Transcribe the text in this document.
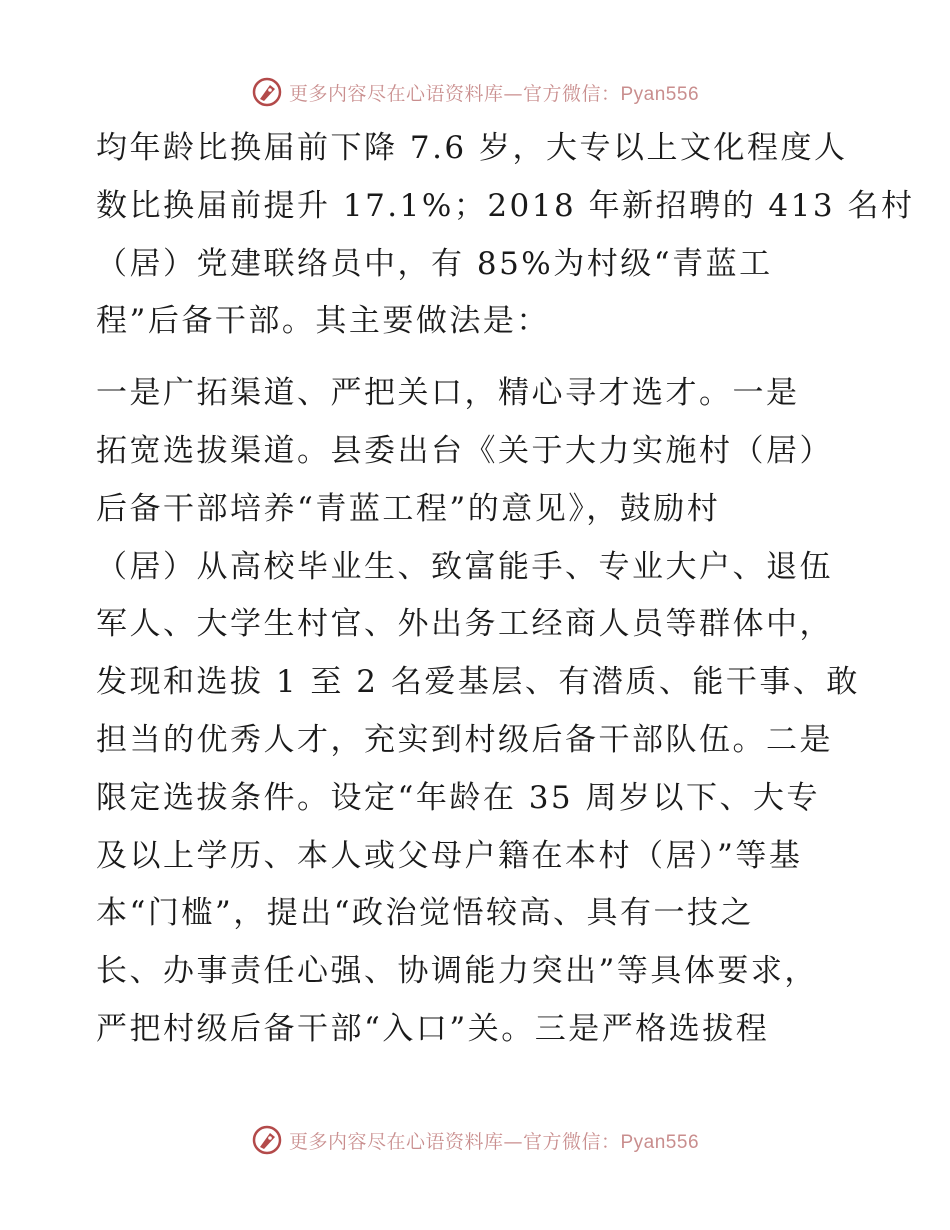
更多内容尽在心语资料库—官方微信：Pyan556
均年龄比换届前下降 7.6 岁，大专以上文化程度人
数比换届前提升 17.1%；2018 年新招聘的 413 名村
（居）党建联络员中，有 85%为村级“青蓝工
程”后备干部。其主要做法是：
一是广拓渠道、严把关口，精心寻才选才。一是
拓宽选拔渠道。县委出台《关于大力实施村（居）
后备干部培养“青蓝工程”的意见》，鼓励村
（居）从高校毕业生、致富能手、专业大户、退伍
军人、大学生村官、外出务工经商人员等群体中，
发现和选拔 1 至 2 名爱基层、有潜质、能干事、敢
担当的优秀人才，充实到村级后备干部队伍。二是
限定选拔条件。设定“年龄在 35 周岁以下、大专
及以上学历、本人或父母户籍在本村（居）”等基
本“门槛”，提出“政治觉悟较高、具有一技之
长、办事责任心强、协调能力突出”等具体要求，
严把村级后备干部“入口”关。三是严格选拔程
更多内容尽在心语资料库—官方微信：Pyan556
